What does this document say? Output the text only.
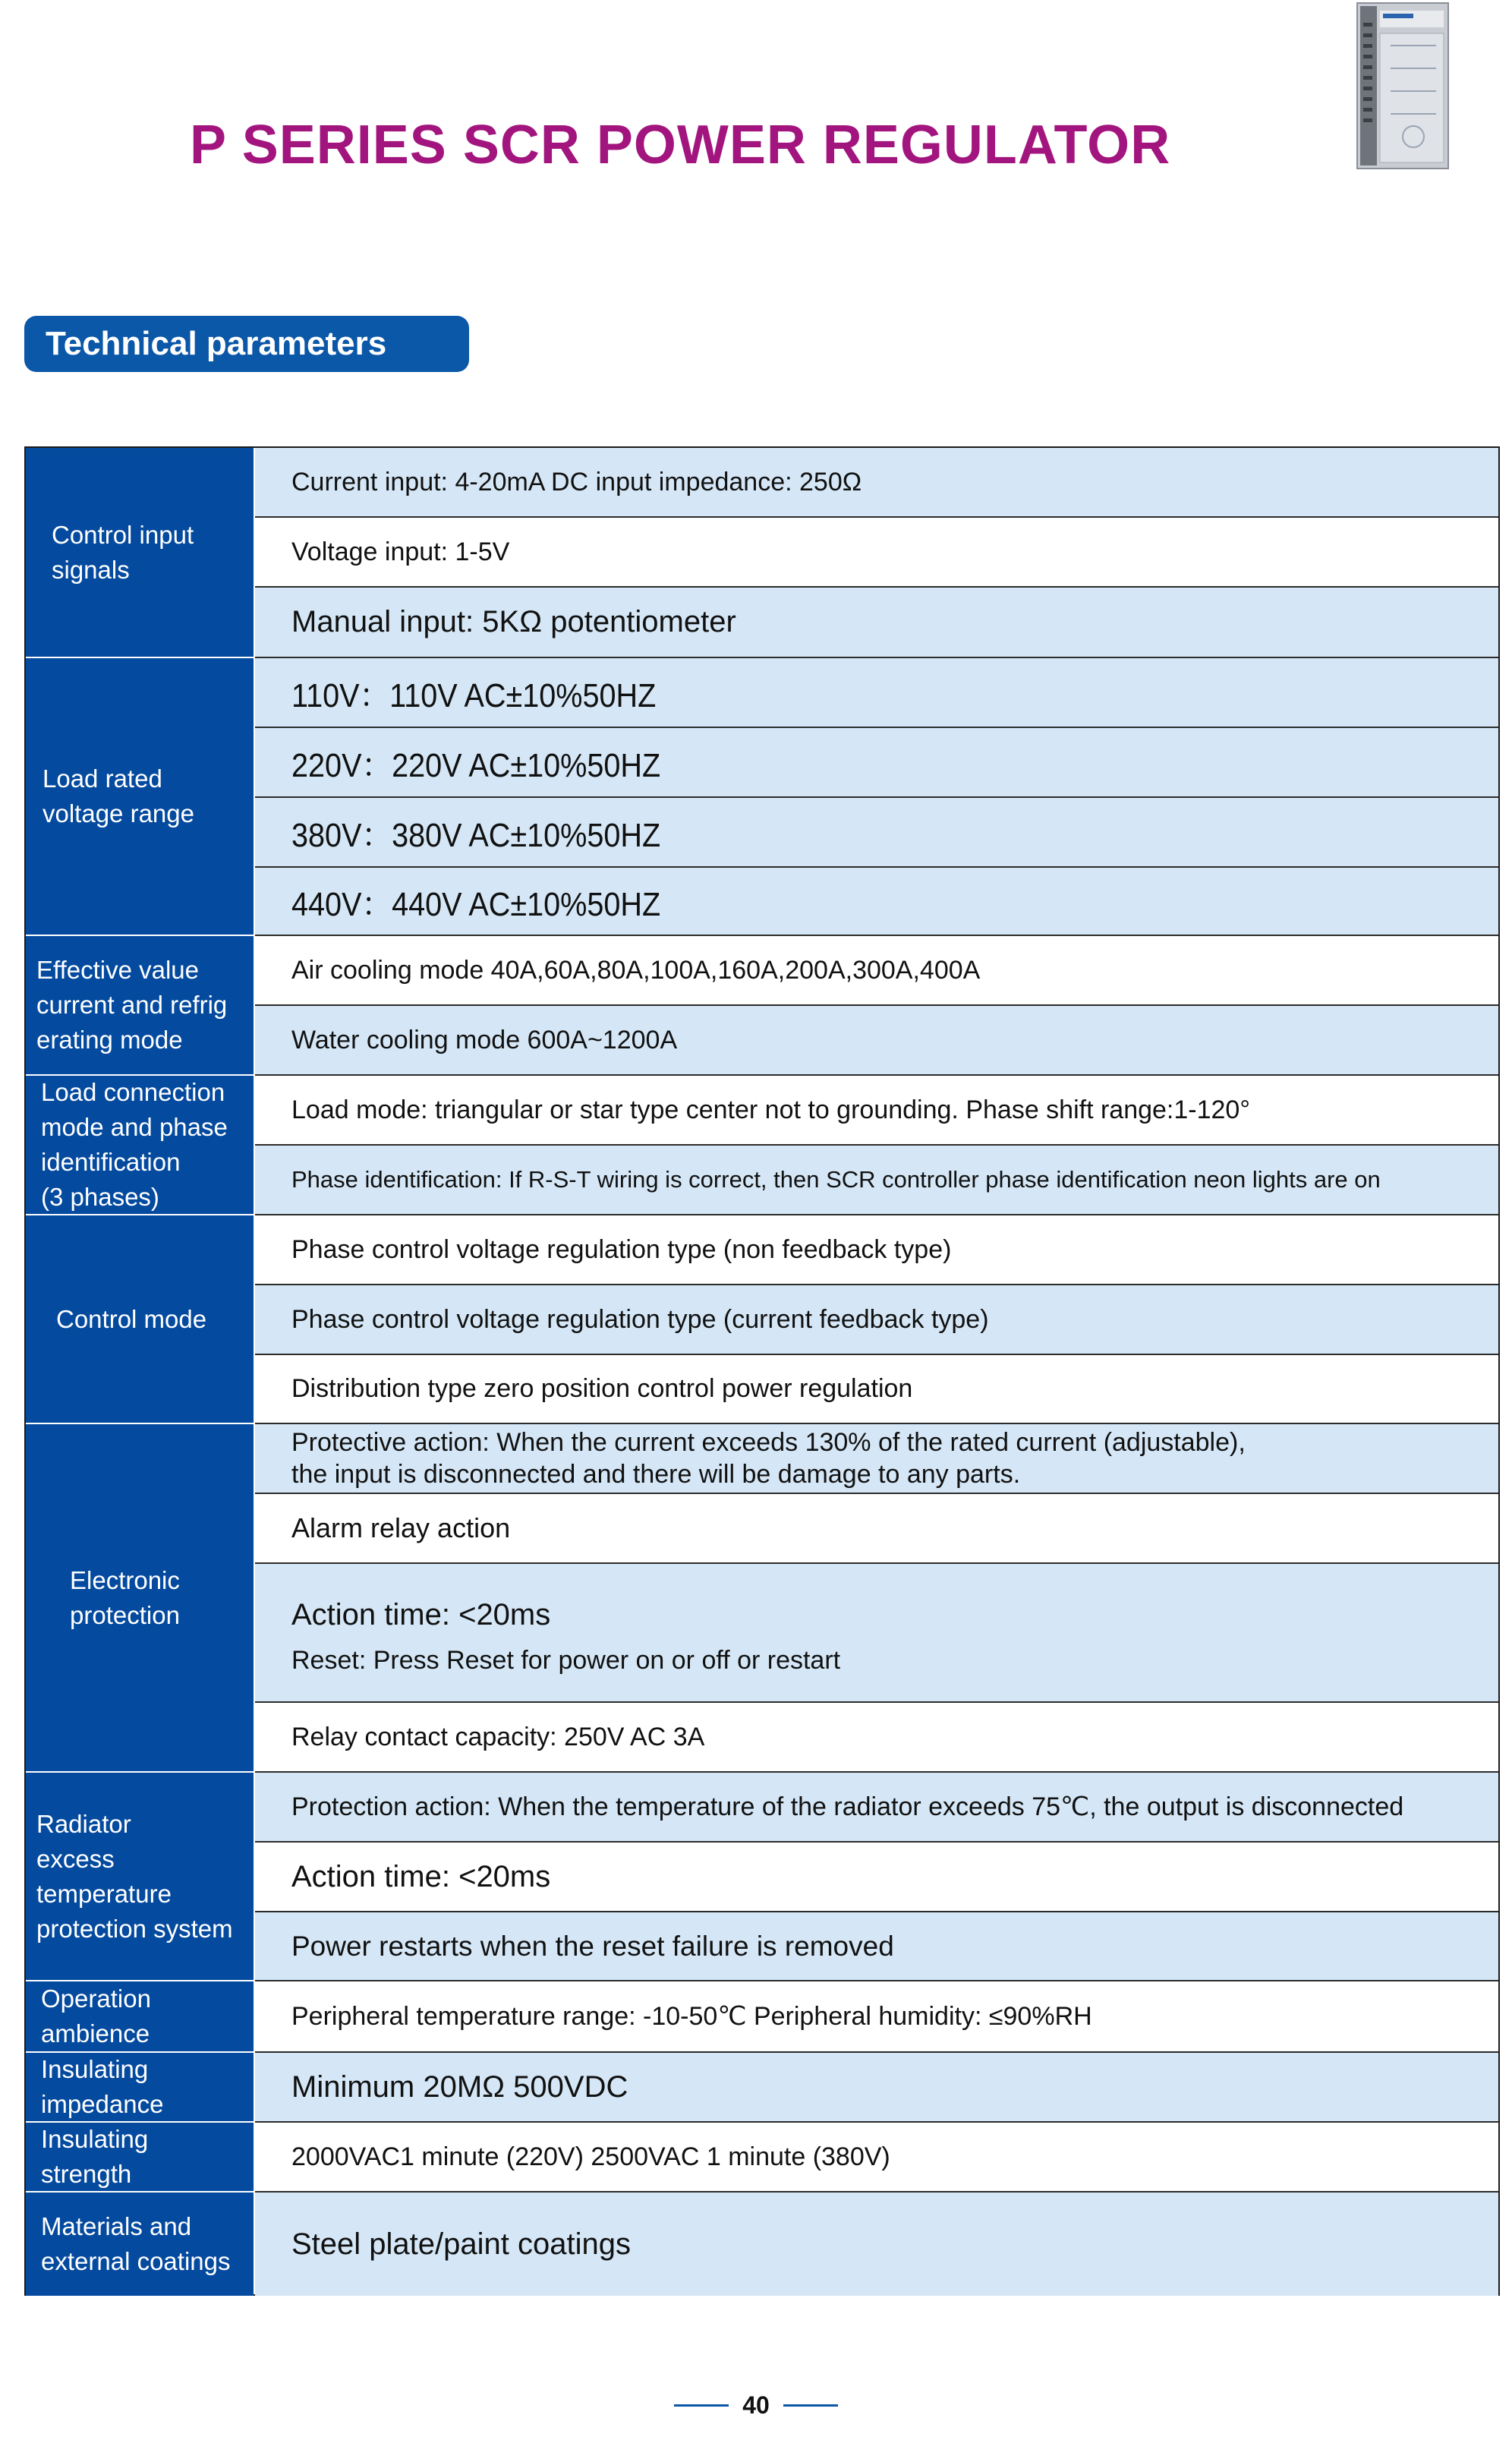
P SERIES SCR POWER REGULATOR
Technical parameters
Control input
signals
Load rated
voltage range
Effective value
current and refrig
erating mode
Load connection
mode and phase
identification
(3 phases)
Control mode
Electronic
protection
Radiator
excess
temperature
protection system
Operation
ambience
Insulating
impedance
Insulating
strength
Materials and
external coatings
Current input: 4-20mA DC input impedance: 250Ω
Voltage input: 1-5V
Manual input: 5KΩ potentiometer
110V：110V AC±10%50HZ
220V：220V AC±10%50HZ
380V：380V AC±10%50HZ
440V：440V AC±10%50HZ
Air cooling mode 40A,60A,80A,100A,160A,200A,300A,400A
Water cooling mode 600A~1200A
Load mode: triangular or star type center not to grounding. Phase shift range:1-120°
Phase identification: If R-S-T wiring is correct, then SCR controller phase identification neon lights are on
Phase control voltage regulation type (non feedback type)
Phase control voltage regulation type (current feedback type)
Distribution type zero position control power regulation
Protective action: When the current exceeds 130% of the rated current (adjustable),
the input is disconnected and there will be damage to any parts.
Alarm relay action
Action time: <20ms
Reset: Press Reset for power on or off or restart
Relay contact capacity: 250V AC 3A
Protection action: When the temperature of the radiator exceeds 75℃, the output is disconnected
Action time: <20ms
Power restarts when the reset failure is removed
Peripheral temperature range: -10-50℃ Peripheral humidity: ≤90%RH
Minimum 20MΩ 500VDC
2000VAC1 minute (220V) 2500VAC 1 minute (380V)
Steel plate/paint coatings
40
